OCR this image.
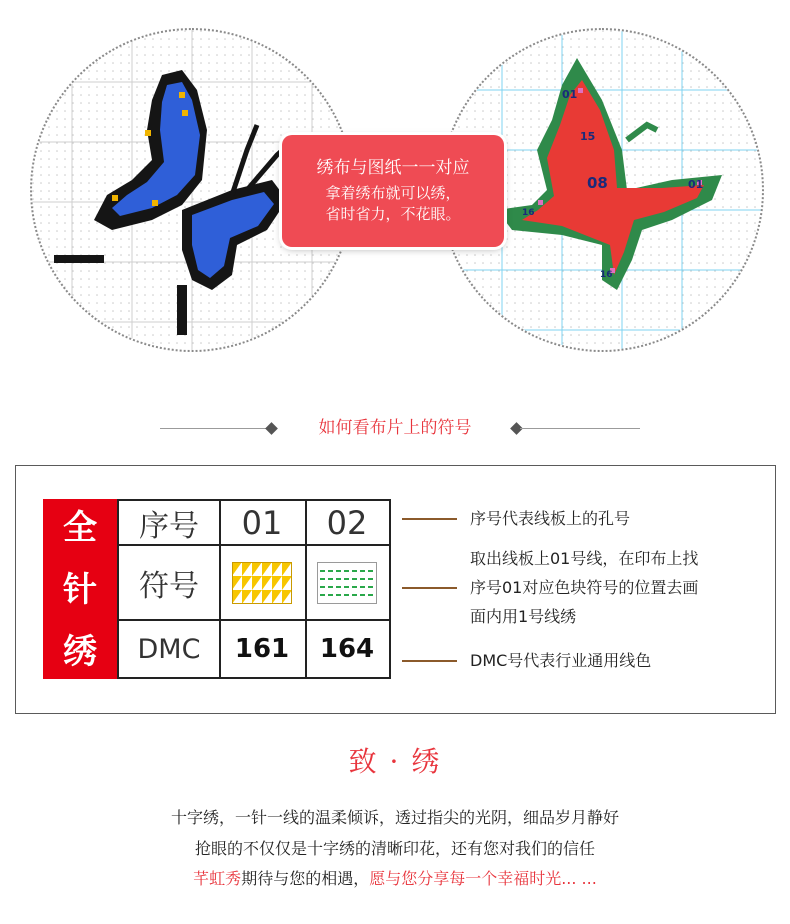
01
15
08	01
16
16
绣布与图纸一一对应
拿着绣布就可以绣，
省时省力，不花眼。
如何看布片上的符号
全
针
绣
序号	01	02
符号
DMC	161	164
序号代表线板上的孔号
取出线板上01号线，在印布上找
序号01对应色块符号的位置去画
面内用1号线绣
DMC号代表行业通用线色
致 · 绣
十字绣，一针一线的温柔倾诉，透过指尖的光阴，细品岁月静好
抢眼的不仅仅是十字绣的清晰印花，还有您对我们的信任
芊虹秀期待与您的相遇，愿与您分享每一个幸福时光... ...
